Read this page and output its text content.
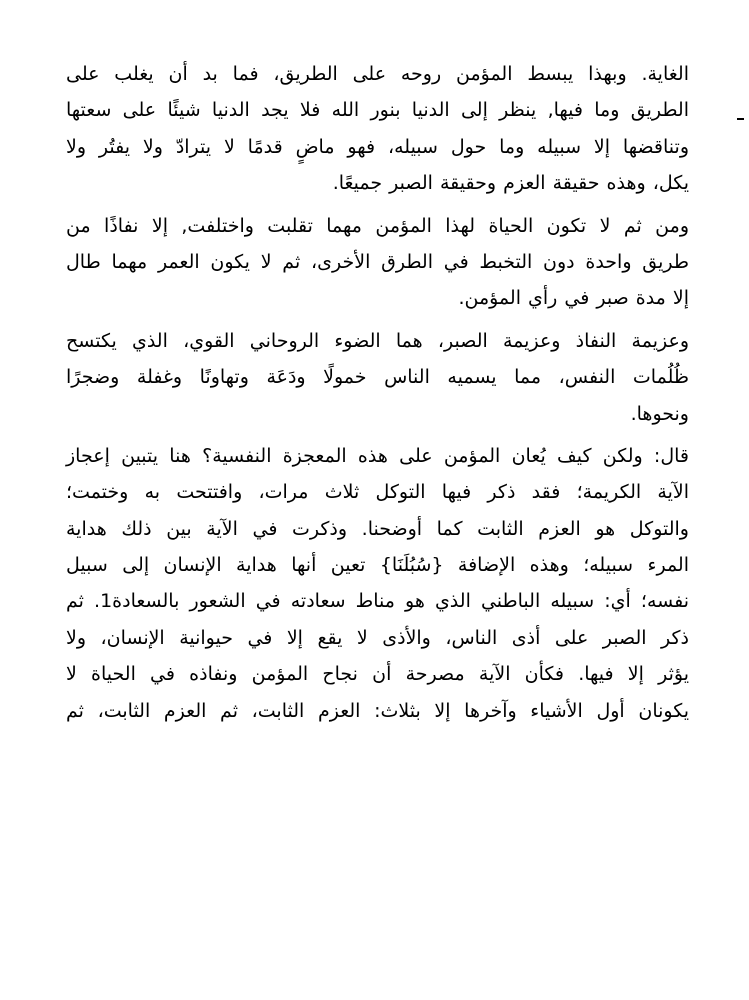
الغاية. وبهذا يبسط المؤمن روحه على الطريق، فما بد أن يغلب على
الطريق وما فيها, ينظر إلى الدنيا بنور الله فلا يجد الدنيا شيئًا على سعتها
وتناقضها إلا سبيله وما حول سبيله، فهو ماضٍ قدمًا لا يترادّ ولا يفتُر ولا
يكل، وهذه حقيقة العزم وحقيقة الصبر جميعًا.

ومن ثم لا تكون الحياة لهذا المؤمن مهما تقلبت واختلفت, إلا نفاذًا من
طريق واحدة دون التخبط في الطرق الأخرى، ثم لا يكون العمر مهما طال
إلا مدة صبر في رأي المؤمن.

وعزيمة النفاذ وعزيمة الصبر، هما الضوء الروحاني القوي، الذي يكتسح
ظُلُمات النفس، مما يسميه الناس خمولًا ودَعَة وتهاونًا وغفلة وضجرًا
ونحوها.

قال: ولكن كيف يُعان المؤمن على هذه المعجزة النفسية؟ هنا يتبين إعجاز
الآية الكريمة؛ فقد ذكر فيها التوكل ثلاث مرات، وافتتحت به وختمت؛
والتوكل هو العزم الثابت كما أوضحنا. وذكرت في الآية بين ذلك هداية
المرء سبيله؛ وهذه الإضافة {سُبُلَنَا} تعين أنها هداية الإنسان إلى سبيل
نفسه؛ أي: سبيله الباطني الذي هو مناط سعادته في الشعور بالسعادة1. ثم
ذكر الصبر على أذى الناس، والأذى لا يقع إلا في حيوانية الإنسان، ولا
يؤثر إلا فيها. فكأن الآية مصرحة أن نجاح المؤمن ونفاذه في الحياة لا
يكونان أول الأشياء وآخرها إلا بثلاث: العزم الثابت، ثم العزم الثابت، ثم
